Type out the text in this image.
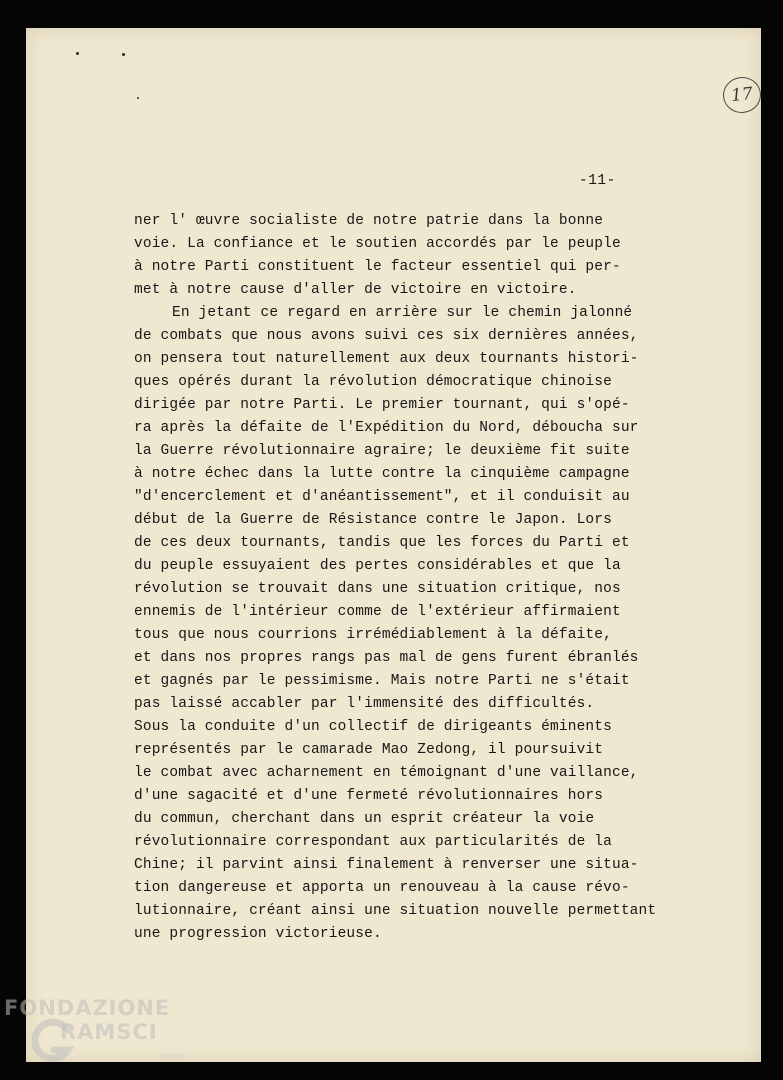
17
-11-
ner l' œuvre socialiste de notre patrie dans la bonne
voie. La confiance et le soutien accordés par le peuple
à notre Parti constituent le facteur essentiel qui per-
met à notre cause d'aller de victoire en victoire.
En jetant ce regard en arrière sur le chemin jalonné
de combats que nous avons suivi ces six dernières années,
on pensera tout naturellement aux deux tournants histori-
ques opérés durant la révolution démocratique chinoise
dirigée par notre Parti. Le premier tournant, qui s'opé-
ra après la défaite de l'Expédition du Nord, déboucha sur
la Guerre révolutionnaire agraire; le deuxième fit suite
à notre échec dans la lutte contre la cinquième campagne
"d'encerclement et d'anéantissement", et il conduisit au
début de la Guerre de Résistance contre le Japon. Lors
de ces deux tournants, tandis que les forces du Parti et
du peuple essuyaient des pertes considérables et que la
révolution se trouvait dans une situation critique, nos
ennemis de l'intérieur comme de l'extérieur affirmaient
tous que nous courrions irrémédiablement à la défaite,
et dans nos propres rangs pas mal de gens furent ébranlés
et gagnés par le pessimisme. Mais notre Parti ne s'était
pas laissé accabler par l'immensité des difficultés.
Sous la conduite d'un collectif de dirigeants éminents
représentés par le camarade Mao Zedong, il poursuivit
le combat avec acharnement en témoignant d'une vaillance,
d'une sagacité et d'une fermeté révolutionnaires hors
du commun, cherchant dans un esprit créateur la voie
révolutionnaire correspondant aux particularités de la
Chine; il parvint ainsi finalement à renverser une situa-
tion dangereuse et apporta un renouveau à la cause révo-
lutionnaire, créant ainsi une situation nouvelle permettant
une progression victorieuse.
FONDAZIONE
RAMSCI
onlus
